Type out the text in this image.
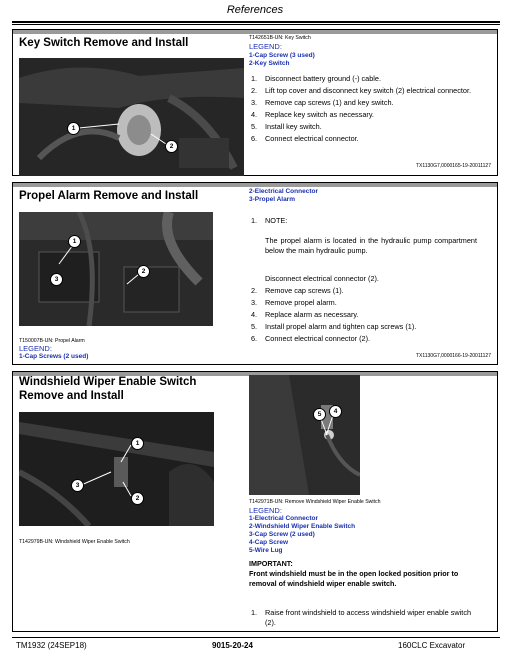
References
Key Switch Remove and Install
1
2
T142651B-UN: Key Switch
LEGEND:
1-Cap Screw (3 used)
2-Key Switch
1. Disconnect battery ground (-) cable.
2. Lift top cover and disconnect key switch (2) electrical connector.
3. Remove cap screws (1) and key switch.
4. Replace key switch as necessary.
5. Install key switch.
6. Connect electrical connector.
TX1130G7,0000165-19-20011127
Propel Alarm Remove and Install	2-Electrical Connector
3-Propel Alarm
1
2
3
T150007B-UN: Propel Alarm
LEGEND:
1-Cap Screws (2 used)
1. NOTE:
The propel alarm is located in the hydraulic pump compartment below the main hydraulic pump.
Disconnect electrical connector (2).
2. Remove cap screws (1).
3. Remove propel alarm.
4. Replace alarm as necessary.
5. Install propel alarm and tighten cap screws (1).
6. Connect electrical connector (2).
TX1130G7,0000166-19-20011127
Windshield Wiper Enable Switch Remove and Install
1
2
3
T142979B-UN: Windshield Wiper Enable Switch
4
5
T142971B-UN: Remove Windshield Wiper Enable Switch
LEGEND:
1-Electrical Connector
2-Windshield Wiper Enable Switch
3-Cap Screw (2 used)
4-Cap Screw
5-Wire Lug
IMPORTANT:
Front windshield must be in the open locked position prior to removal of windshield wiper enable switch.
1. Raise front windshield to access windshield wiper enable switch (2).
TM1932 (24SEP18)	9015-20-24	160CLC Excavator
